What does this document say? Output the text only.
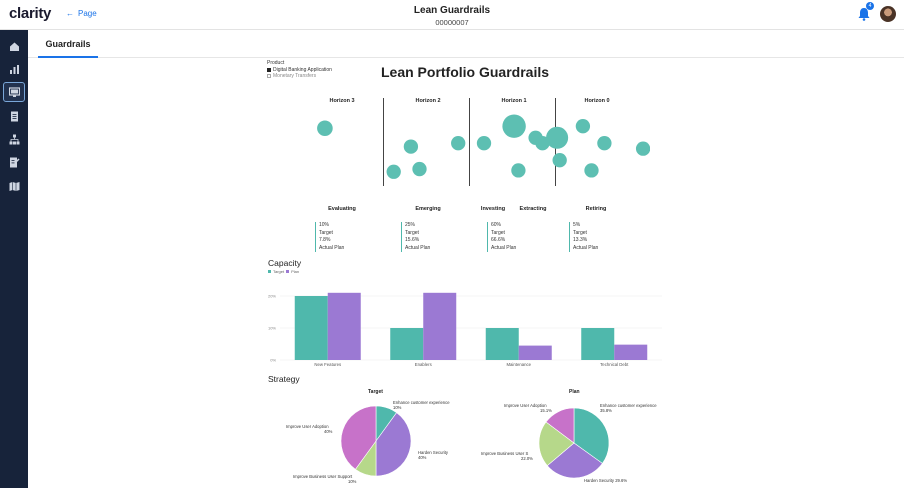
clarity ← Page	Lean Guardrails
00000007
4
Guardrails
Product
Digital Banking Application
Monetary Transfers	Lean Portfolio Guardrails
Horizon 3	Horizon 2	Horizon 1	Horizon 0
Evaluating	Emerging	Investing	Extracting	Retiring
10%
Target
7.8%
Actual Plan
25%
Target
15.6%
Actual Plan
60%
Target
66.6%
Actual Plan
5%
Target
13.3%
Actual Plan
Capacity
Target Plan
0%
10%
20%
New Features	Enablers	Maintenance	Technical Debt
Strategy
Target
Enhance customer experience
10%
Harden Security
40%
Improve Business User Support
10%
Improve User Adoption
40%
Plan
Enhance customer experience
35.8%
Harden Security 29.6%
Improve Business User S
22.0%
Improve User Adoption
15.1%
